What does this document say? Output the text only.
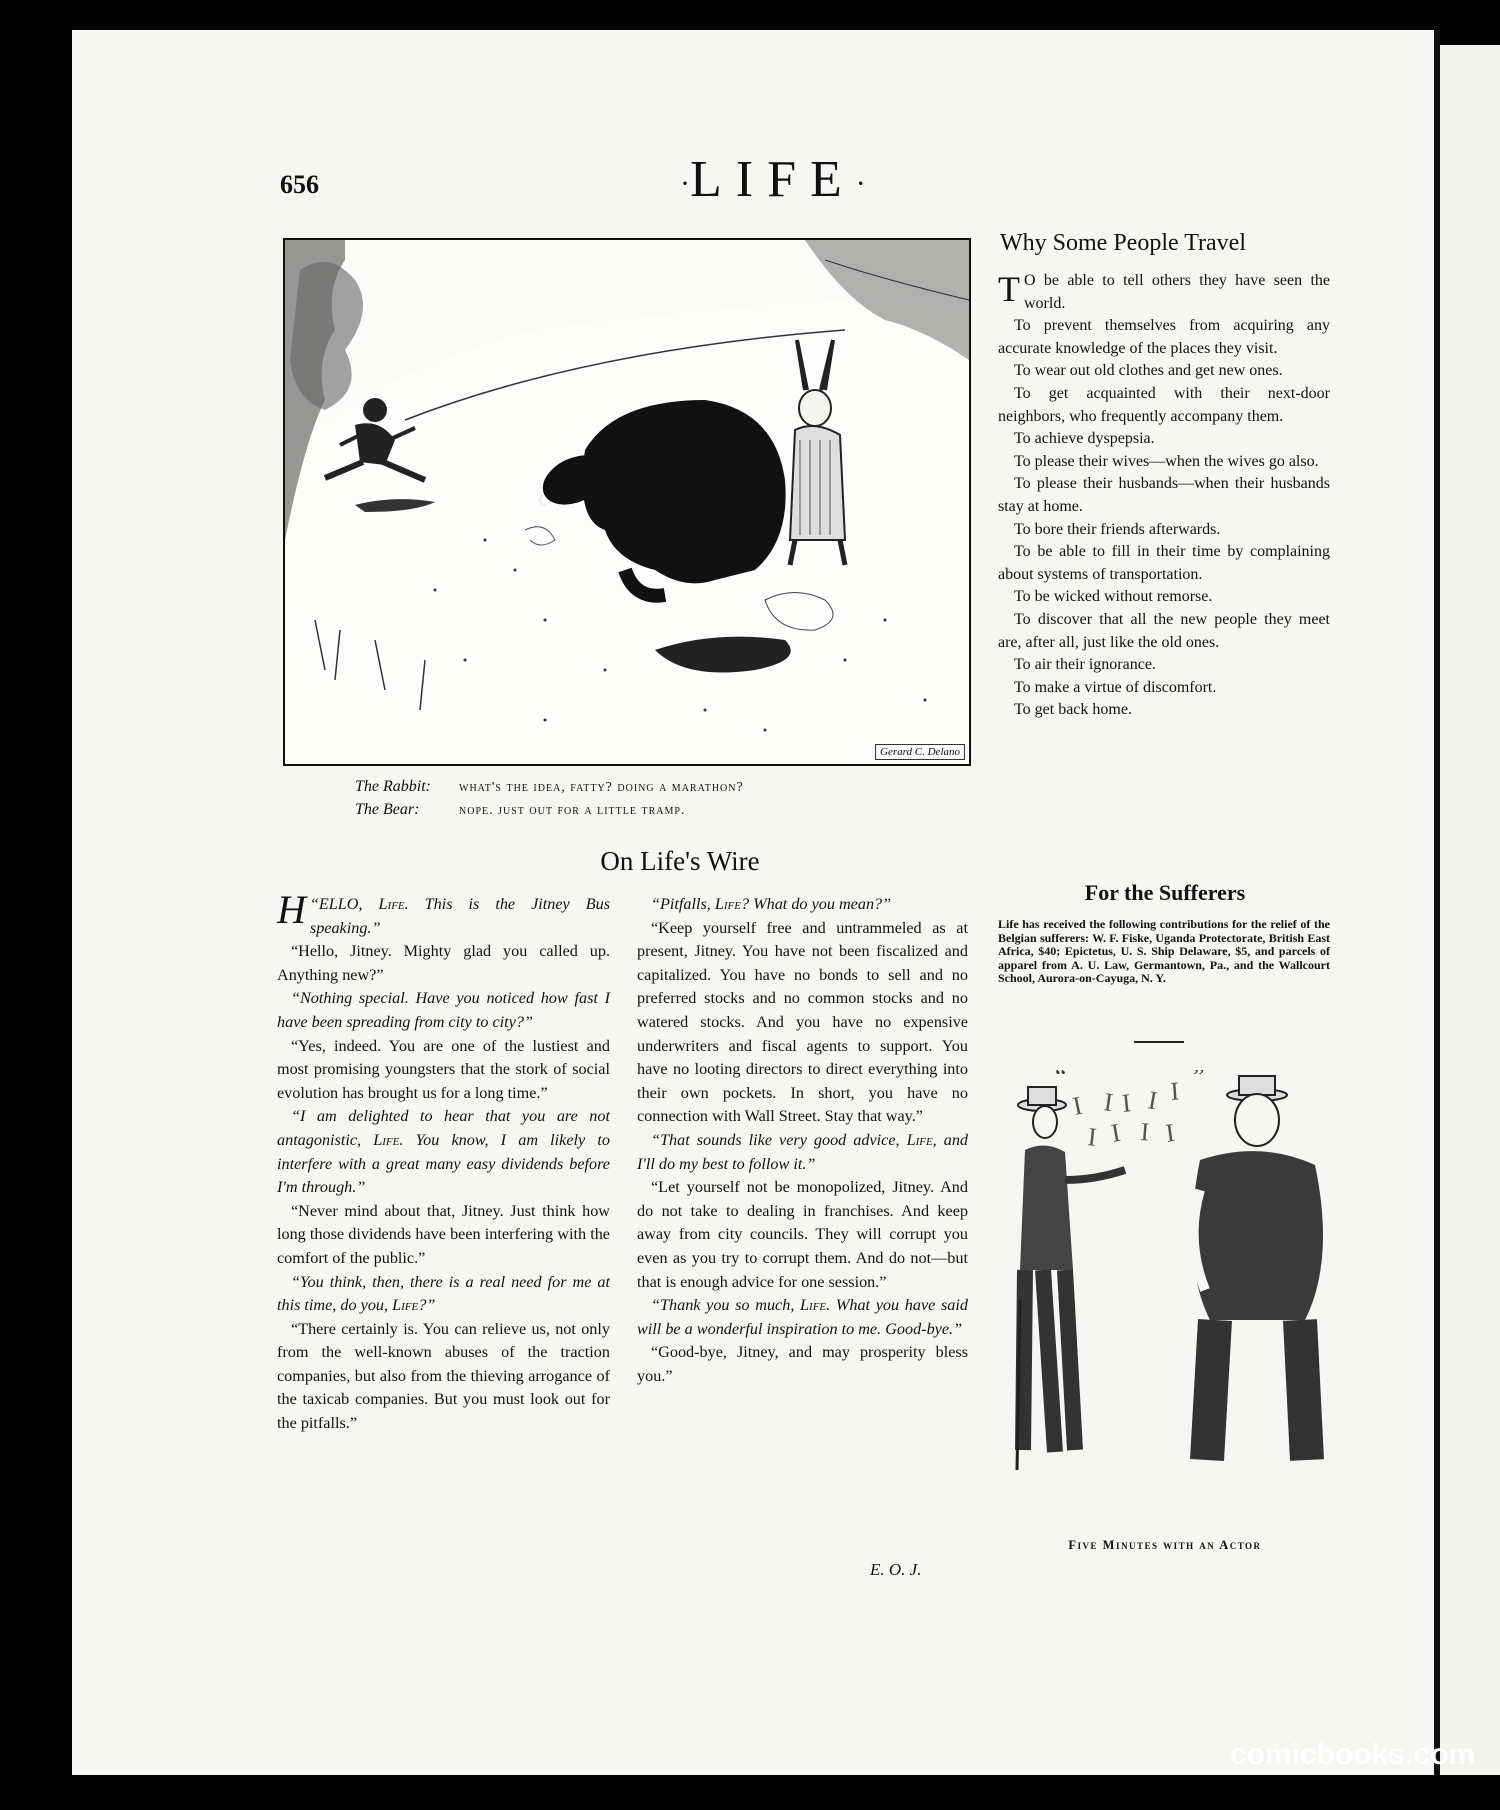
656	·LIFE·
Gerard C. Delano
The Rabbit: what's the idea, fatty? doing a marathon?
The Bear:	nope. just out for a little tramp.
On Life's Wire

“
H ELLO, Life. This is the Jitney Bus speaking.”

“Hello, Jitney. Mighty glad you called up. Anything new?”

“Nothing special. Have you noticed how fast I have been spreading from city to city?”

“Yes, indeed. You are one of the lustiest and most promising youngsters that the stork of social evolution has brought us for a long time.”

“I am delighted to hear that you are not antagonistic, Life. You know, I am likely to interfere with a great many easy dividends before I'm through.”

“Never mind about that, Jitney. Just think how long those dividends have been interfering with the comfort of the public.”

“You think, then, there is a real need for me at this time, do you, Life?”

“There certainly is. You can relieve us, not only from the well-known abuses of the traction companies, but also from the thieving arrogance of the taxicab companies. But you must look out for the pitfalls.”

“Pitfalls, Life? What do you mean?”

“Keep yourself free and untrammeled as at present, Jitney. You have not been fiscalized and capitalized. You have no bonds to sell and no preferred stocks and no common stocks and no watered stocks. And you have no expensive underwriters and fiscal agents to support. You have no looting directors to direct everything into their own pockets. In short, you have no connection with Wall Street. Stay that way.”

“That sounds like very good advice, Life, and I'll do my best to follow it.”

“Let yourself not be monopolized, Jitney. And do not take to dealing in franchises. And keep away from city councils. They will corrupt you even as you try to corrupt them. And do not—but that is enough advice for one session.”

“Thank you so much, Life. What you have said will be a wonderful inspiration to me. Good-bye.”

“Good-bye, Jitney, and may prosperity bless you.”

E. O. J.
Why Some People Travel

T O be able to tell others they have seen the world.

To prevent themselves from acquiring any accurate knowledge of the places they visit.

To wear out old clothes and get new ones.

To get acquainted with their next-door neighbors, who frequently accompany them.

To achieve dyspepsia.

To please their wives—when the wives go also.

To please their husbands—when their husbands stay at home.

To bore their friends afterwards.

To be able to fill in their time by complaining about systems of transportation.

To be wicked without remorse.

To discover that all the new people they meet are, after all, just like the old ones.

To air their ignorance.

To make a virtue of discomfort.

To get back home.

For the Sufferers
Life has received the following contributions for the relief of the Belgian sufferers: W. F. Fiske, Uganda Protectorate, British East Africa, $40; Epictetus, U. S. Ship Delaware, $5, and parcels of apparel from A. U. Law, Germantown, Pa., and the Wallcourt School, Aurora-on-Cayuga, N. Y.
I I I I I
I I I I
“	”
Five Minutes with an Actor
comicbooks.com
